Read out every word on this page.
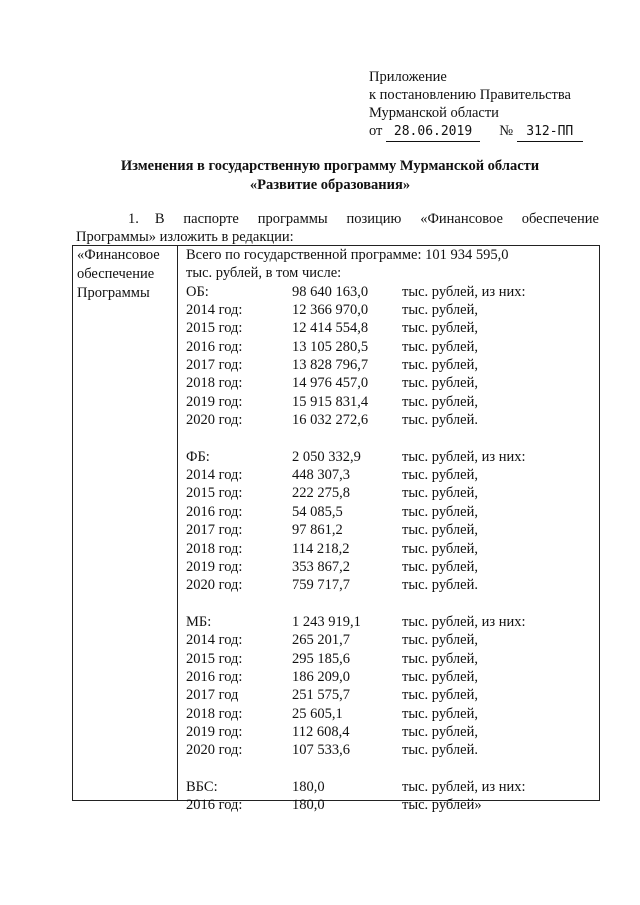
Приложение
к постановлению Правительства
Мурманской области
от 28.06.2019 № 312-ПП
Изменения в государственную программу Мурманской области
«Развитие образования»
1.	В паспорте программы позицию «Финансовое обеспечение
Программы» изложить в редакции:
«Финансовое
обеспечение
Программы
Всего по государственной программе: 101 934 595,0
тыс. рублей, в том числе:
ОБ:	98 640 163,0	тыс. рублей, из них:
2014 год:	12 366 970,0	тыс. рублей,
2015 год:	12 414 554,8	тыс. рублей,
2016 год:	13 105 280,5	тыс. рублей,
2017 год:	13 828 796,7	тыс. рублей,
2018 год:	14 976 457,0	тыс. рублей,
2019 год:	15 915 831,4	тыс. рублей,
2020 год:	16 032 272,6	тыс. рублей.
ФБ:	2 050 332,9	тыс. рублей, из них:
2014 год:	448 307,3	тыс. рублей,
2015 год:	222 275,8	тыс. рублей,
2016 год:	54 085,5	тыс. рублей,
2017 год:	97 861,2	тыс. рублей,
2018 год:	114 218,2	тыс. рублей,
2019 год:	353 867,2	тыс. рублей,
2020 год:	759 717,7	тыс. рублей.
МБ:	1 243 919,1	тыс. рублей, из них:
2014 год:	265 201,7	тыс. рублей,
2015 год:	295 185,6	тыс. рублей,
2016 год:	186 209,0	тыс. рублей,
2017 год	251 575,7	тыс. рублей,
2018 год:	25 605,1	тыс. рублей,
2019 год:	112 608,4	тыс. рублей,
2020 год:	107 533,6	тыс. рублей.
ВБС:	180,0	тыс. рублей, из них:
2016 год:	180,0	тыс. рублей»
